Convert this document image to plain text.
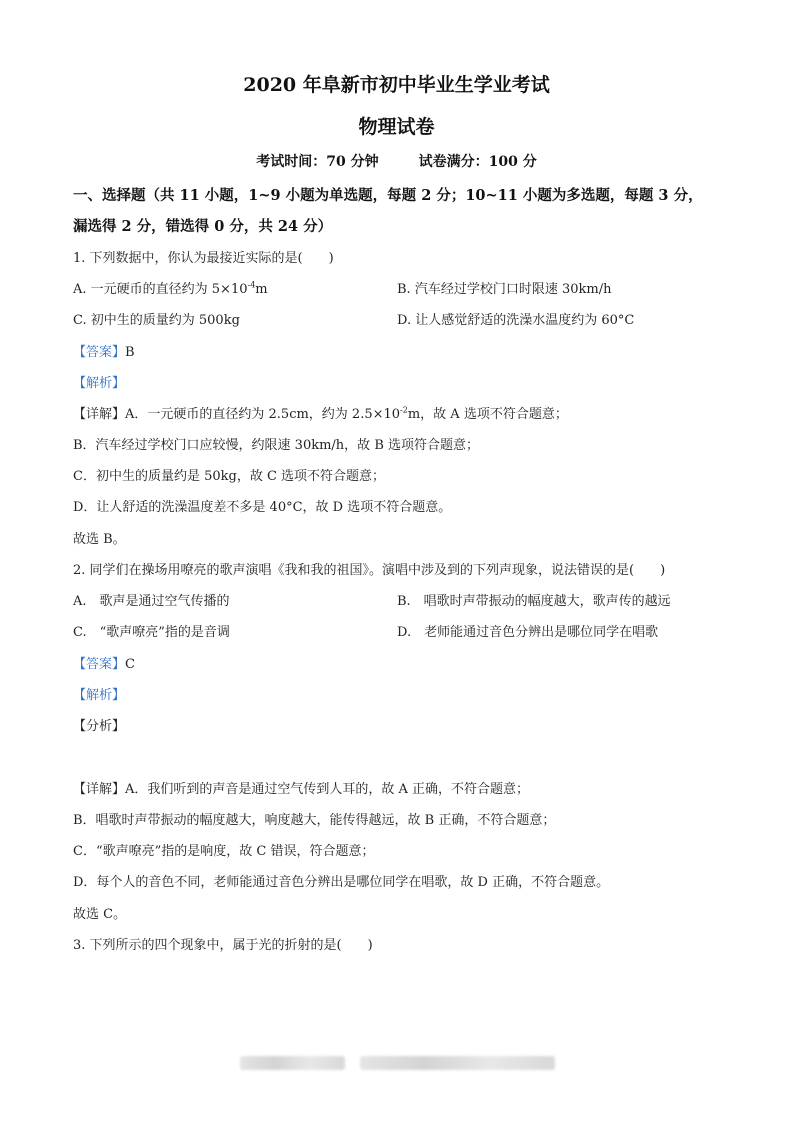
2020 年阜新市初中毕业生学业考试
物理试卷
考试时间：70 分钟	试卷满分：100 分
一、选择题（共 11 小题，1~9 小题为单选题，每题 2 分；10~11 小题为多选题，每题 3 分，
漏选得 2 分，错选得 0 分，共 24 分）
1. 下列数据中，你认为最接近实际的是(　　)
A. 一元硬币的直径约为 $5\times 10^{-4}m$	B. 汽车经过学校门口时限速 30km/h
C. 初中生的质量约为 500kg	D. 让人感觉舒适的洗澡水温度约为 60°C
【答案】B
【解析】
【详解】A．一元硬币的直径约为 2.5cm，约为 $2.5\times 10^{-2}m$，故 A 选项不符合题意；
B．汽车经过学校门口应较慢，约限速 30km/h，故 B 选项符合题意；
C．初中生的质量约是 50kg，故 C 选项不符合题意；
D．让人舒适的洗澡温度差不多是 40°C，故 D 选项不符合题意。
故选 B。
2. 同学们在操场用嘹亮的歌声演唱《我和我的祖国》。演唱中涉及到的下列声现象，说法错误的是(　　)
A.　歌声是通过空气传播的	B.　唱歌时声带振动的幅度越大，歌声传的越远
C.　“歌声嘹亮”指的是音调	D.　老师能通过音色分辨出是哪位同学在唱歌
【答案】C
【解析】
【分析】
【详解】A．我们听到的声音是通过空气传到人耳的，故 A 正确，不符合题意；
B．唱歌时声带振动的幅度越大，响度越大，能传得越远，故 B 正确，不符合题意；
C．“歌声嘹亮”指的是响度，故 C 错误，符合题意；
D．每个人的音色不同，老师能通过音色分辨出是哪位同学在唱歌，故 D 正确，不符合题意。
故选 C。
3. 下列所示的四个现象中，属于光的折射的是(　　)
